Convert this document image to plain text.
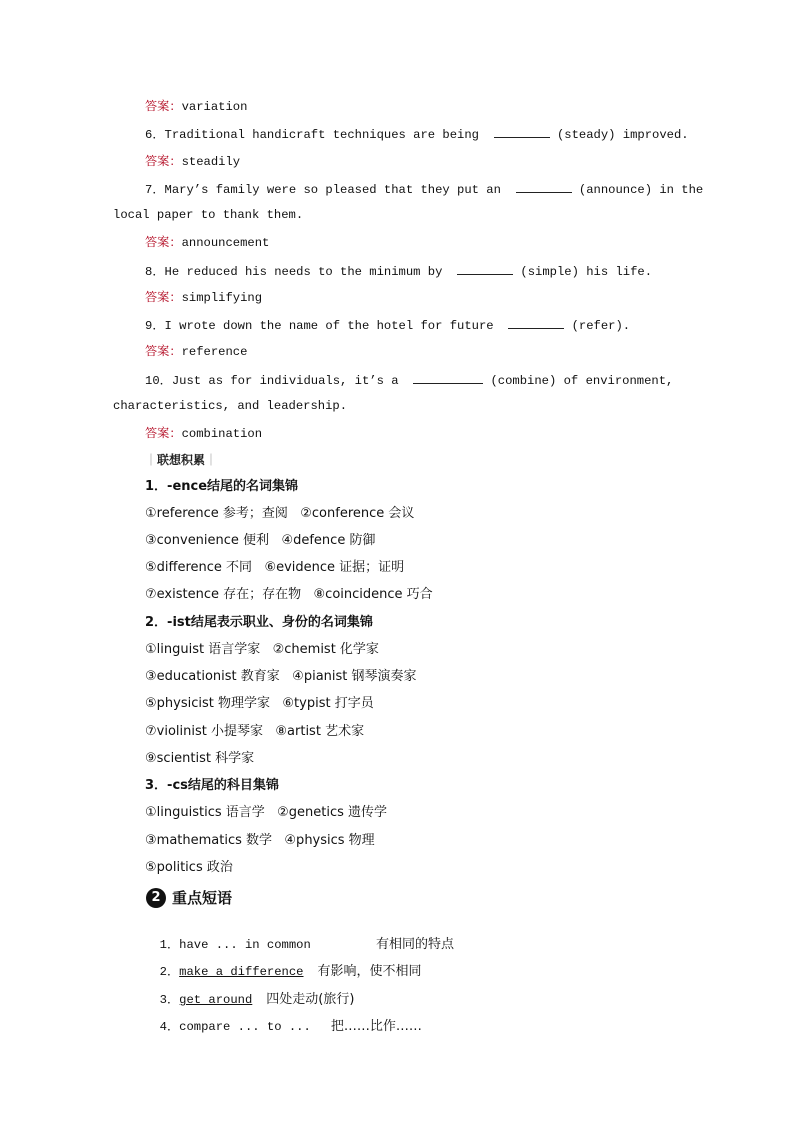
答案：variation
6．Traditional handicraft techniques are being	(steady) improved.
答案：steadily
7．Mary’s family were so pleased that they put an	(announce) in the
local paper to thank them.
答案：announcement
8．He reduced his needs to the minimum by	(simple) his life.
答案：simplifying
9．I wrote down the name of the hotel for future	(refer).
答案：reference
10．Just as for individuals, it’s a	(combine) of environment,
characteristics, and leadership.
答案：combination
｜联想积累｜
1．-ence结尾的名词集锦
①reference 参考；查阅   ②conference 会议
③convenience 便利   ④defence 防御
⑤difference 不同   ⑥evidence 证据；证明
⑦existence 存在；存在物   ⑧coincidence 巧合
2．-ist结尾表示职业、身份的名词集锦
①linguist 语言学家   ②chemist 化学家
③educationist 教育家   ④pianist 钢琴演奏家
⑤physicist 物理学家   ⑥typist 打字员
⑦violinist 小提琴家   ⑧artist 艺术家
⑨scientist 科学家
3．-cs结尾的科目集锦
①linguistics 语言学   ②genetics 遗传学
③mathematics 数学   ④physics 物理
⑤politics 政治
2 重点短语

1．have ... in common	有相同的特点

2．make a difference 有影响，使不相同

3．get around 四处走动(旅行)

4．compare ... to ... 把……比作……
